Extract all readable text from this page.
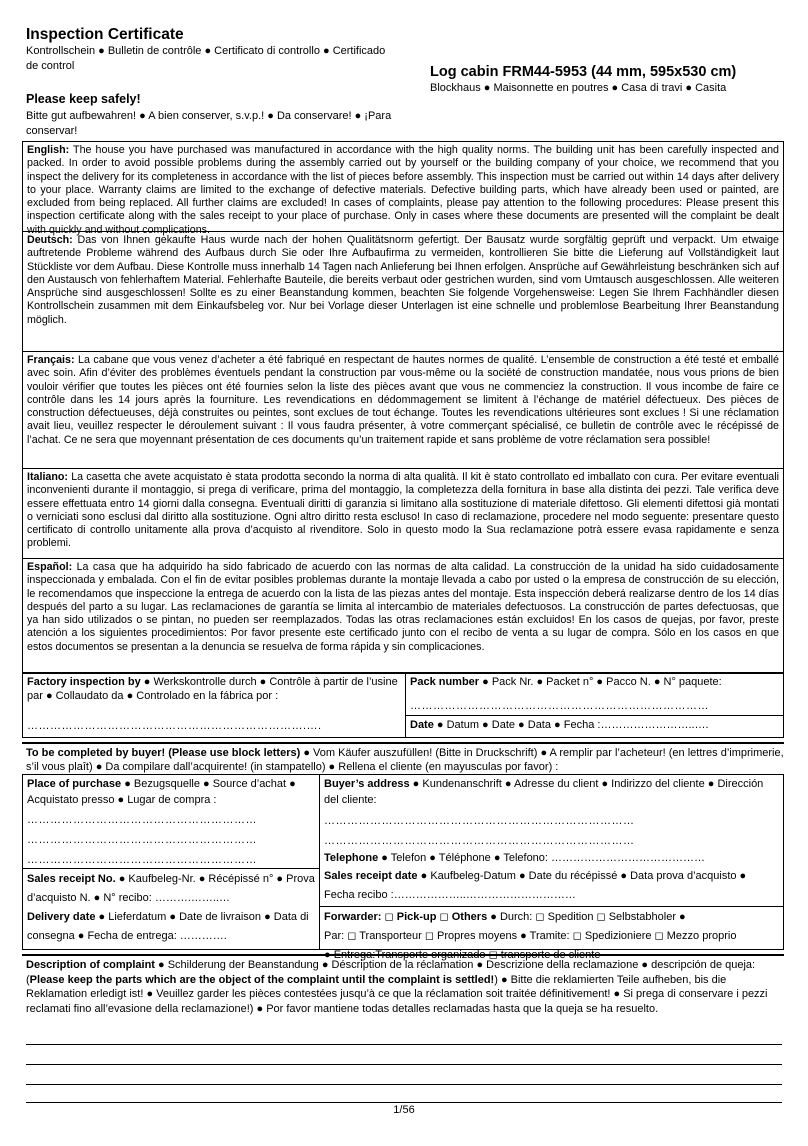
Inspection Certificate
Kontrollschein ● Bulletin de contrôle ● Certificato di controllo ● Certificado de control
Please keep safely!
Bitte gut aufbewahren! ● A bien conserver, s.v.p.! ● Da conservare! ● ¡Para conservar!
Log cabin FRM44-5953 (44 mm, 595x530 cm)
Blockhaus ● Maisonnette en poutres ● Casa di travi ● Casita
English: The house you have purchased was manufactured in accordance with the high quality norms. The building unit has been carefully inspected and packed. In order to avoid possible problems during the assembly carried out by yourself or the building company of your choice, we recommend that you inspect the delivery for its completeness in accordance with the list of pieces before assembly. This inspection must be carried out within 14 days after delivery to your place. Warranty claims are limited to the exchange of defective materials. Defective building parts, which have already been used or painted, are excluded from being replaced. All further claims are excluded! In cases of complaints, please pay attention to the following procedures: Please present this inspection certificate along with the sales receipt to your place of purchase. Only in cases where these documents are presented will the complaint be dealt with quickly and without complications.
Deutsch: Das von Ihnen gekaufte Haus wurde nach der hohen Qualitätsnorm gefertigt. Der Bausatz wurde sorgfältig geprüft und verpackt. Um etwaige auftretende Probleme während des Aufbaus durch Sie oder Ihre Aufbaufirma zu vermeiden, kontrollieren Sie bitte die Lieferung auf Vollständigkeit laut Stückliste vor dem Aufbau. Diese Kontrolle muss innerhalb 14 Tagen nach Anlieferung bei Ihnen erfolgen. Ansprüche auf Gewährleistung beschränken sich auf den Austausch von fehlerhaftem Material. Fehlerhafte Bauteile, die bereits verbaut oder gestrichen wurden, sind vom Umtausch ausgeschlossen. Alle weiteren Ansprüche sind ausgeschlossen! Sollte es zu einer Beanstandung kommen, beachten Sie folgende Vorgehensweise: Legen Sie Ihrem Fachhändler diesen Kontrollschein zusammen mit dem Einkaufsbeleg vor. Nur bei Vorlage dieser Unterlagen ist eine schnelle und problemlose Bearbeitung Ihrer Beanstandung möglich.
Français: La cabane que vous venez d’acheter a été fabriqué en respectant de hautes normes de qualité. L’ensemble de construction a été testé et emballé avec soin. Afin d’éviter des problèmes éventuels pendant la construction par vous-même ou la société de construction mandatée, nous vous prions de bien vouloir vérifier que toutes les pièces ont été fournies selon la liste des pièces avant que vous ne commenciez la construction. Il vous incombe de faire ce contrôle dans les 14 jours après la fourniture. Les revendications en dédommagement se limitent à l’échange de matériel défectueux. Des pièces de construction défectueuses, déjà construites ou peintes, sont exclues de tout échange. Toutes les revendications ultérieures sont exclues ! Si une réclamation avait lieu, veuillez respecter le déroulement suivant : Il vous faudra présenter, à votre commerçant spécialisé, ce bulletin de contrôle avec le récépissé de l’achat. Ce ne sera que moyennant présentation de ces documents qu’un traitement rapide et sans problème de votre réclamation sera possible!
Italiano: La casetta che avete acquistato è stata prodotta secondo la norma di alta qualità. Il kit è stato controllato ed imballato con cura. Per evitare eventuali inconvenienti durante il montaggio, si prega di verificare, prima del montaggio, la completezza della fornitura in base alla distinta dei pezzi. Tale verifica deve essere effettuata entro 14 giorni dalla consegna. Eventuali diritti di garanzia si limitano alla sostituzione di materiale difettoso. Gli elementi difettosi già montati o verniciati sono esclusi dal diritto alla sostituzione. Ogni altro diritto resta escluso! In caso di reclamazione, procedere nel modo seguente: presentare questo certificato di controllo unitamente alla prova d’acquisto al rivenditore. Solo in questo modo la Sua reclamazione potrà essere evasa rapidamente e senza problemi.
Español: La casa que ha adquirido ha sido fabricado de acuerdo con las normas de alta calidad. La construcción de la unidad ha sido cuidadosamente inspeccionada y embalada. Con el fin de evitar posibles problemas durante la montaje llevada a cabo por usted o la empresa de construcción de su elección, le recomendamos que inspeccione la entrega de acuerdo con la lista de las piezas antes del montaje. Esta inspección deberá realizarse dentro de los 14 días después del parto a su lugar. Las reclamaciones de garantía se limita al intercambio de materiales defectuosos. La construcción de partes defectuosas, que ya han sido utilizados o se pintan, no pueden ser reemplazados. Todas las otras reclamaciones están excluidos! En los casos de quejas, por favor, preste atención a los siguientes procedimientos: Por favor presente este certificado junto con el recibo de venta a su lugar de compra. Sólo en los casos en que estos documentos se presentan a la denuncia se resuelva de forma rápida y sin complicaciones.
Factory inspection by ● Werkskontrolle durch ● Contrôle à partir de l’usine par ● Collaudato da ● Controlado en la fábrica por :
……………………………………………………………….….
Pack number ● Pack Nr. ● Packet n° ● Pacco N. ● N° paquete:
……………………………………………………………………
Date ● Datum ● Date ● Data ● Fecha :……………………..….
To be completed by buyer! (Please use block letters) ● Vom Käufer auszufüllen! (Bitte in Druckschrift) ● A remplir par l’acheteur! (en lettres d’imprimerie, s’il vous plaît) ● Da compilare dall’acquirente! (in stampatello) ● Rellena el cliente (en mayusculas por favor) :
Place of purchase ● Bezugsquelle ● Source d’achat ● Acquistato presso ● Lugar de compra :
……………………………………………………
……………………………………………………
……………………………………………………
Sales receipt No. ● Kaufbeleg-Nr. ● Récépissé n° ● Prova d’acquisto N. ● N° recibo: ……….……..…
Delivery date ● Lieferdatum ● Date de livraison ● Data di consegna ● Fecha de entrega: ………….
Buyer’s address ● Kundenanschrift ● Adresse du client ● Indirizzo del cliente ● Dirección del cliente:
………………………………………………………………………
………………………………………………………………………
Telephone ● Telefon ● Téléphone ● Telefono: ……………………………………
Sales receipt date ● Kaufbeleg-Datum ● Date du récépissé ● Data prova d’acquisto ● Fecha recibo :………………..…………………………
Forwarder: ◻ Pick-up ◻ Others ● Durch: ◻ Spedition ◻ Selbstabholer ●
Par: ◻ Transporteur ◻ Propres moyens ● Tramite: ◻ Spedizioniere ◻ Mezzo proprio

Description of complaint ● Schilderung der Beanstandung ● Déscription de la réclamation ● Descrizione della reclamazione ● descripción de queja: (Please keep the parts which are the object of the complaint until the complaint is settled!) ● Bitte die reklamierten Teile aufheben, bis die Reklamation erledigt ist! ● Veuillez garder les pièces contestées jusqu’à ce que la réclamation soit traitée définitivement! ● Si prega di conservare i pezzi reclamati fino all’evasione della reclamazione!) ● Por favor mantiene todas detalles reclamadas hasta que la queja se ha resuelto.
1/56
